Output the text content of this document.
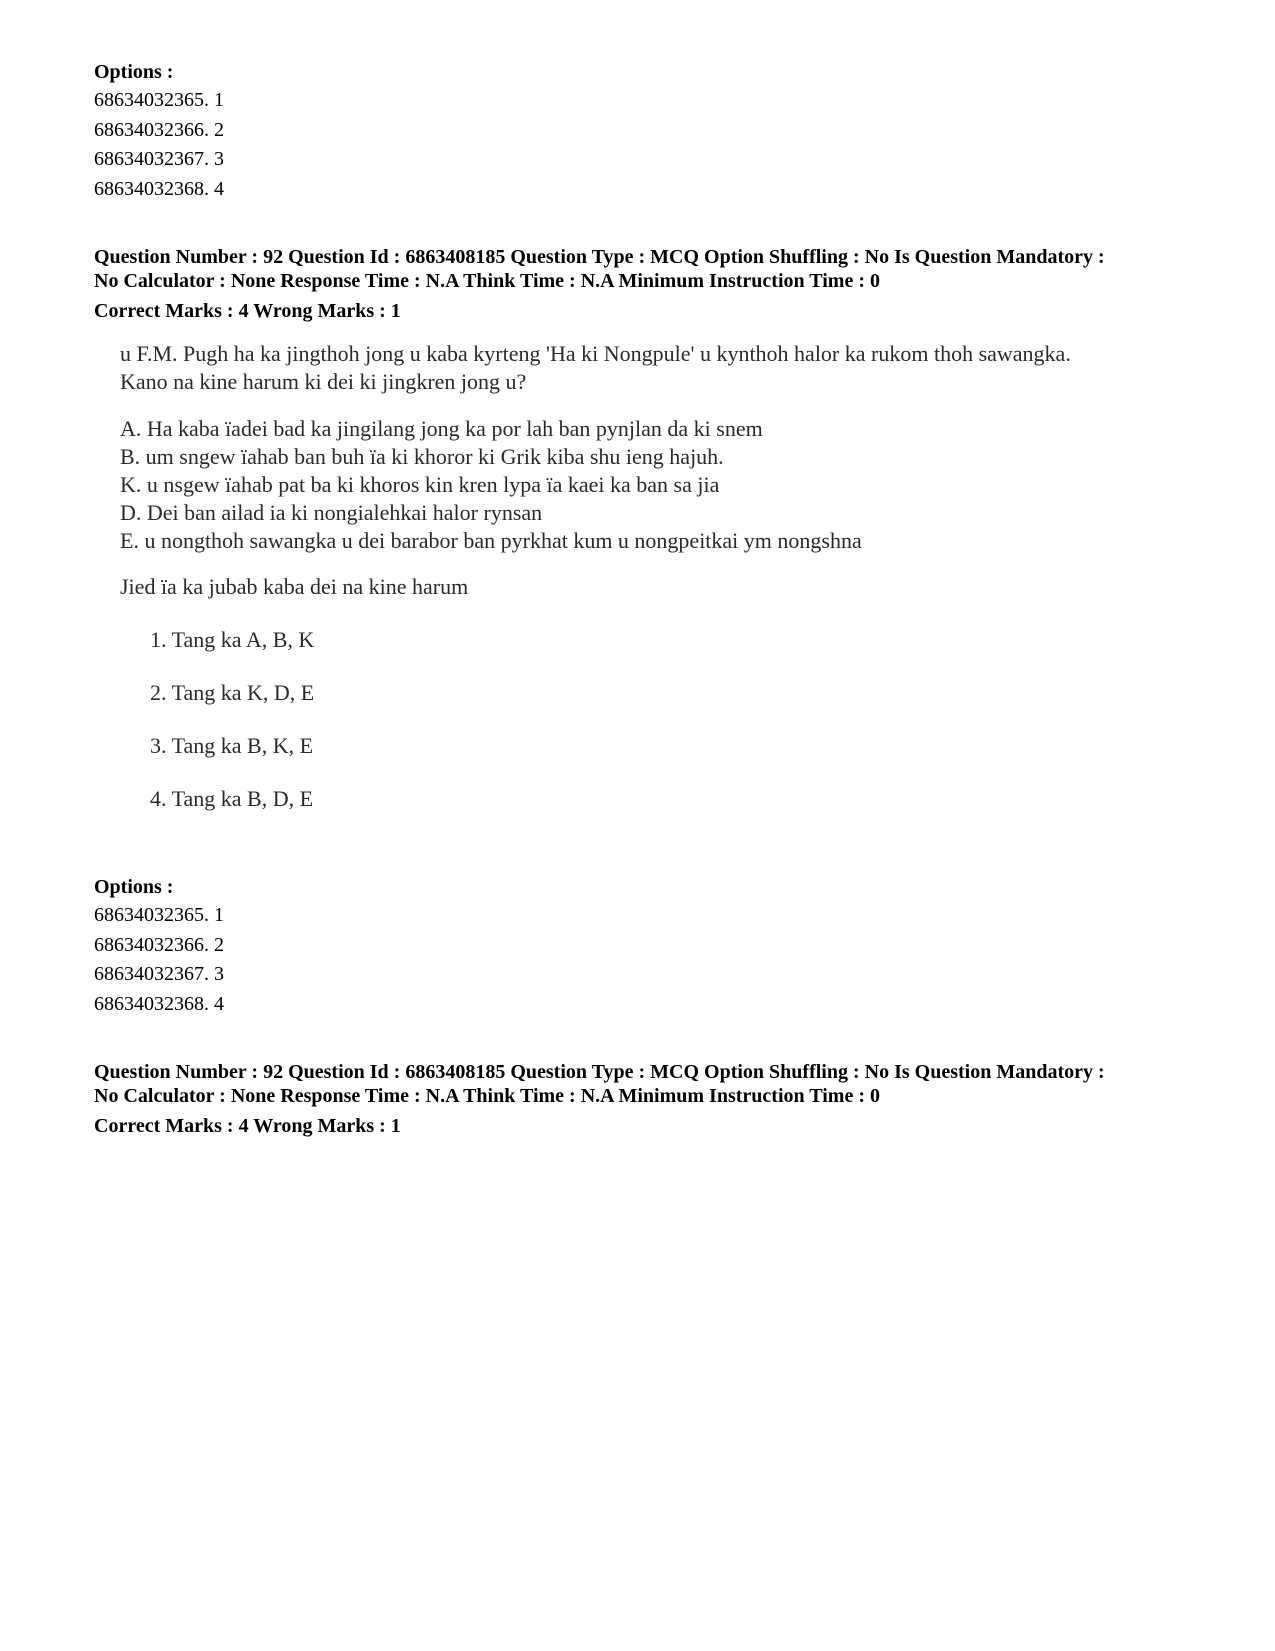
Options :
68634032365. 1
68634032366. 2
68634032367. 3
68634032368. 4
Question Number : 92 Question Id : 6863408185 Question Type : MCQ Option Shuffling : No Is Question Mandatory :
No Calculator : None Response Time : N.A Think Time : N.A Minimum Instruction Time : 0
Correct Marks : 4 Wrong Marks : 1
u F.M. Pugh ha ka jingthoh jong u kaba kyrteng 'Ha ki Nongpule' u kynthoh halor ka rukom thoh sawangka.
Kano na kine harum ki dei ki jingkren jong u?
A. Ha kaba ïadei bad ka jingilang jong ka por lah ban pynjlan da ki snem
B. um sngew ïahab ban buh ïa ki khoror ki Grik kiba shu ieng hajuh.
K. u nsgew ïahab pat ba ki khoros kin kren lypa ïa kaei ka ban sa jia
D. Dei ban ailad ia ki nongialehkai halor rynsan
E. u nongthoh sawangka u dei barabor ban pyrkhat kum u nongpeitkai ym nongshna
Jied ïa ka jubab kaba dei na kine harum
1. Tang ka A, B, K
2. Tang ka K, D, E
3. Tang ka B, K, E
4. Tang ka B, D, E
Options :
68634032365. 1
68634032366. 2
68634032367. 3
68634032368. 4
Question Number : 92 Question Id : 6863408185 Question Type : MCQ Option Shuffling : No Is Question Mandatory :
No Calculator : None Response Time : N.A Think Time : N.A Minimum Instruction Time : 0
Correct Marks : 4 Wrong Marks : 1
